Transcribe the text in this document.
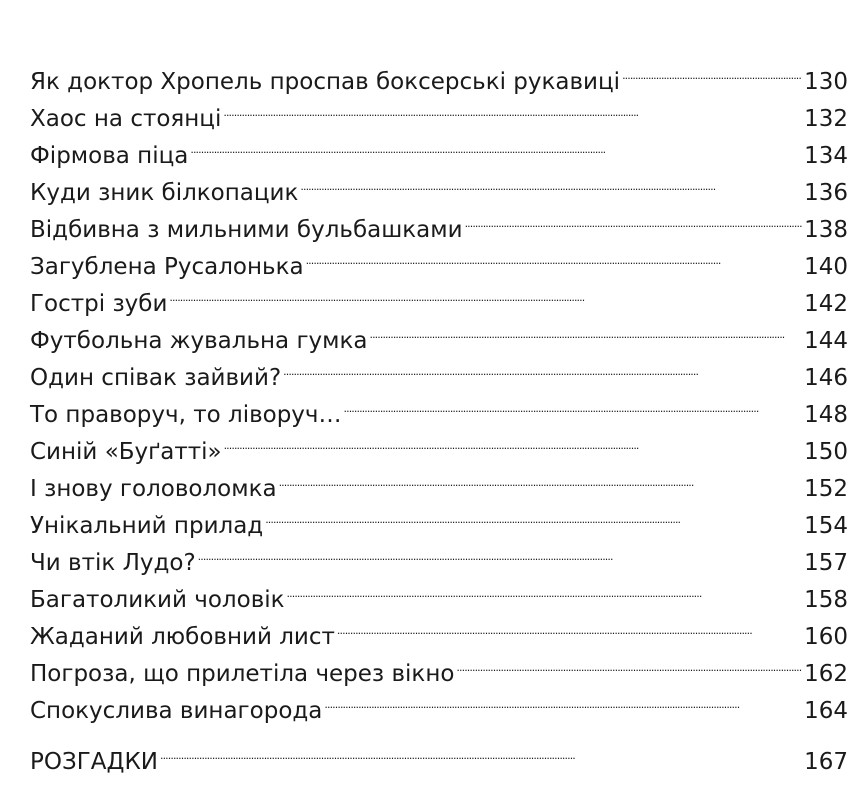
Як доктор Хропель проспав боксерські рукавиці . . .	130
Хаос на стоянці . . .	132
Фірмова піца . . .	134
Куди зник білкопацик . . .	136
Відбивна з мильними бульбашками . . .	138
Загублена Русалонька . . .	140
Гострі зуби . . .	142
Футбольна жувальна гумка . . .	144
Один співак зайвий? . . .	146
То праворуч, то ліворуч… . . .	148
Синій «Буґатті» . . .	150
І знову головоломка . . .	152
Унікальний прилад . . .	154
Чи втік Лудо? . . .	157
Багатоликий чоловік . . .	158
Жаданий любовний лист . . .	160
Погроза, що прилетіла через вікно . . .	162
Спокуслива винагорода . . .	164
РОЗГАДКИ . . .	167
